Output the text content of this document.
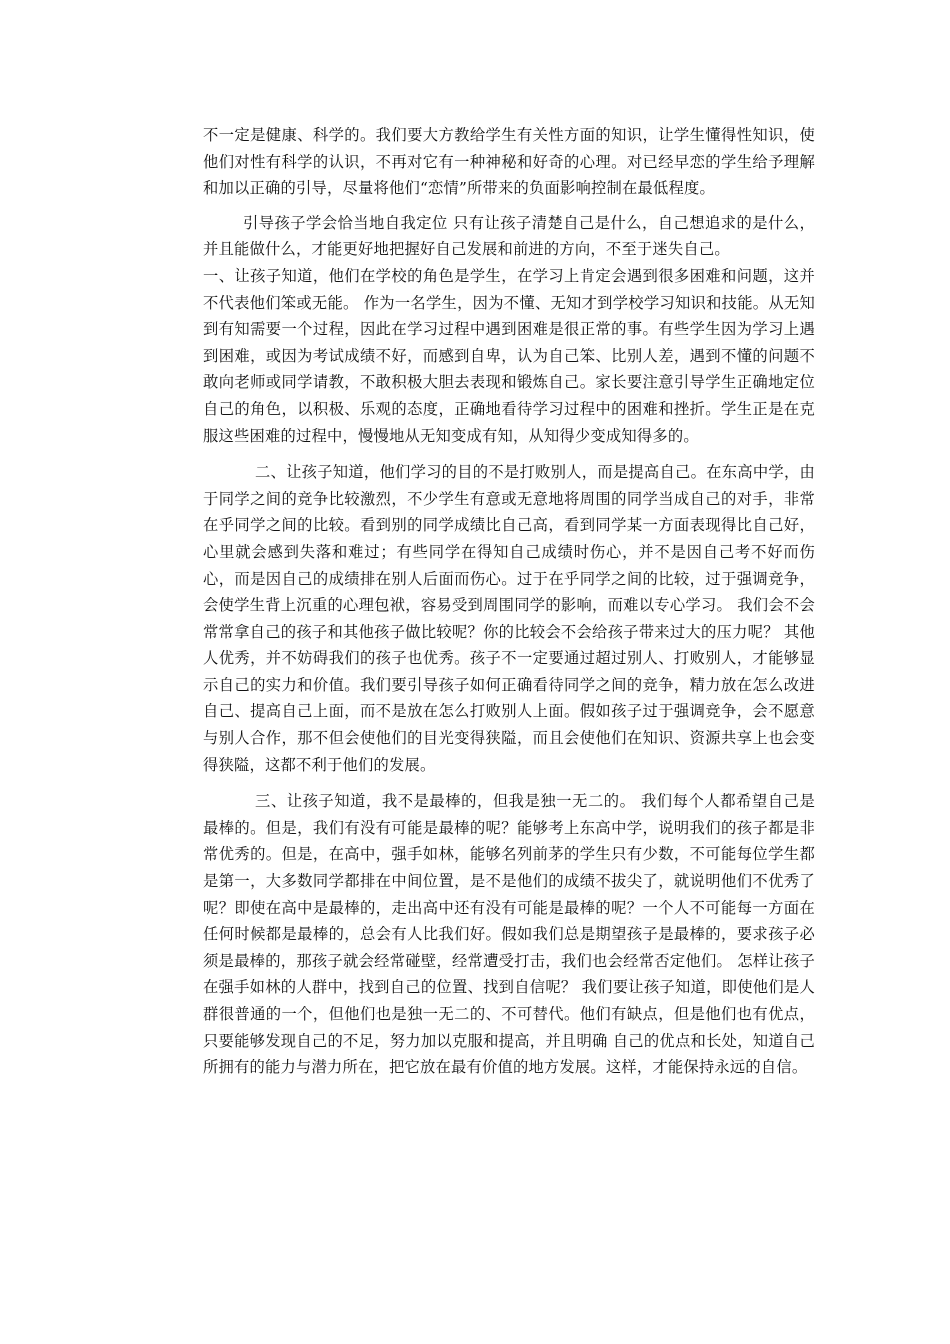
不一定是健康、科学的。我们要大方教给学生有关性方面的知识，让学生懂得性知识，使他们对性有科学的认识，不再对它有一种神秘和好奇的心理。对已经早恋的学生给予理解和加以正确的引导，尽量将他们“恋情”所带来的负面影响控制在最低程度。

引导孩子学会恰当地自我定位 只有让孩子清楚自己是什么，自己想追求的是什么，并且能做什么，才能更好地把握好自己发展和前进的方向，不至于迷失自己。

一、让孩子知道，他们在学校的角色是学生，在学习上肯定会遇到很多困难和问题，这并不代表他们笨或无能。 作为一名学生，因为不懂、无知才到学校学习知识和技能。从无知到有知需要一个过程，因此在学习过程中遇到困难是很正常的事。有些学生因为学习上遇到困难，或因为考试成绩不好，而感到自卑，认为自己笨、比别人差，遇到不懂的问题不敢向老师或同学请教，不敢积极大胆去表现和锻炼自己。家长要注意引导学生正确地定位自己的角色，以积极、乐观的态度，正确地看待学习过程中的困难和挫折。学生正是在克服这些困难的过程中，慢慢地从无知变成有知，从知得少变成知得多的。

二、让孩子知道，他们学习的目的不是打败别人，而是提高自己。在东高中学，由于同学之间的竞争比较激烈，不少学生有意或无意地将周围的同学当成自己的对手，非常在乎同学之间的比较。看到别的同学成绩比自己高，看到同学某一方面表现得比自己好，心里就会感到失落和难过；有些同学在得知自己成绩时伤心，并不是因自己考不好而伤心，而是因自己的成绩排在别人后面而伤心。过于在乎同学之间的比较，过于强调竞争，会使学生背上沉重的心理包袱，容易受到周围同学的影响，而难以专心学习。 我们会不会常常拿自己的孩子和其他孩子做比较呢？你的比较会不会给孩子带来过大的压力呢？ 其他人优秀，并不妨碍我们的孩子也优秀。孩子不一定要通过超过别人、打败别人，才能够显示自己的实力和价值。我们要引导孩子如何正确看待同学之间的竞争，精力放在怎么改进自己、提高自己上面，而不是放在怎么打败别人上面。假如孩子过于强调竞争，会不愿意与别人合作，那不但会使他们的目光变得狭隘，而且会使他们在知识、资源共享上也会变得狭隘，这都不利于他们的发展。

三、让孩子知道，我不是最棒的，但我是独一无二的。 我们每个人都希望自己是最棒的。但是，我们有没有可能是最棒的呢？能够考上东高中学，说明我们的孩子都是非常优秀的。但是，在高中，强手如林，能够名列前茅的学生只有少数，不可能每位学生都是第一，大多数同学都排在中间位置，是不是他们的成绩不拔尖了，就说明他们不优秀了呢？即使在高中是最棒的，走出高中还有没有可能是最棒的呢？一个人不可能每一方面在任何时候都是最棒的，总会有人比我们好。假如我们总是期望孩子是最棒的，要求孩子必须是最棒的，那孩子就会经常碰壁，经常遭受打击，我们也会经常否定他们。 怎样让孩子在强手如林的人群中，找到自己的位置、找到自信呢？ 我们要让孩子知道，即使他们是人群很普通的一个，但他们也是独一无二的、不可替代。他们有缺点，但是他们也有优点，只要能够发现自己的不足，努力加以克服和提高，并且明确 自己的优点和长处，知道自己所拥有的能力与潜力所在，把它放在最有价值的地方发展。这样，才能保持永远的自信。
